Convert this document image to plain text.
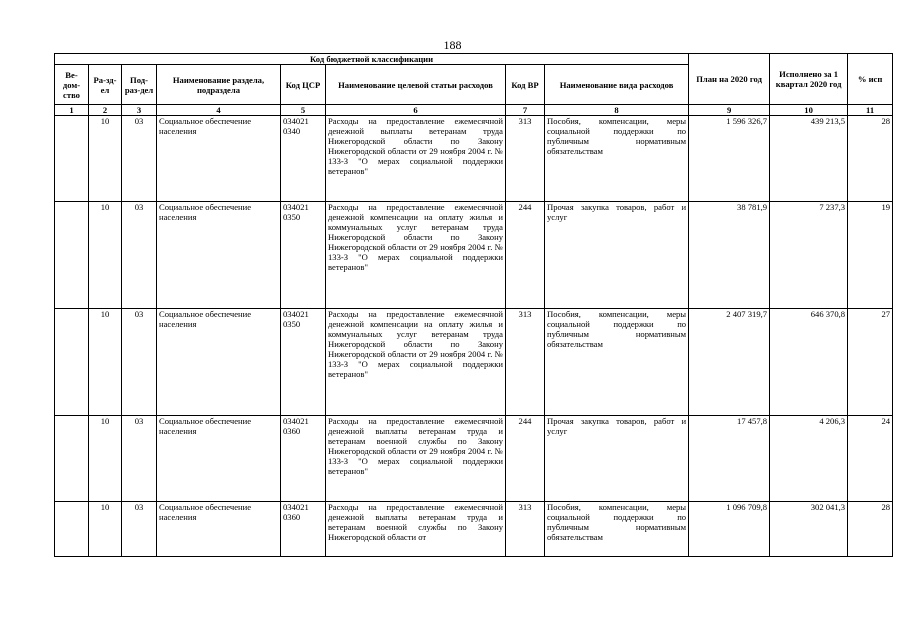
188
Код бюджетной классификации								План на 2020 год	Исполнено за 1 квартал 2020 год	% исп
Ве-дом-ство	Ра-зд-ел	Под-раз-дел	Наименование раздела, подраздела	Код ЦСР	Наименование целевой статьи расходов	Код ВР	Наименование вида расходов			
1	2	3	4	5	6	7	8	9	10	11
	10	03	Социальное обеспечение населения	034021 0340	Расходы на предоставление ежемесячной денежной выплаты ветеранам труда Нижегородской области по Закону Нижегородской области от 29 ноября 2004 г. № 133-З "О мерах социальной поддержки ветеранов"	313	Пособия, компенсации, меры социальной поддержки по публичным нормативным обязательствам	1 596 326,7	439 213,5	28
	10	03	Социальное обеспечение населения	034021 0350	Расходы на предоставление ежемесячной денежной компенсации на оплату жилья и коммунальных услуг ветеранам труда Нижегородской области по Закону Нижегородской области от 29 ноября 2004 г. № 133-З "О мерах социальной поддержки ветеранов"	244	Прочая закупка товаров, работ и услуг	38 781,9	7 237,3	19
	10	03	Социальное обеспечение населения	034021 0350	Расходы на предоставление ежемесячной денежной компенсации на оплату жилья и коммунальных услуг ветеранам труда Нижегородской области по Закону Нижегородской области от 29 ноября 2004 г. № 133-З "О мерах социальной поддержки ветеранов"	313	Пособия, компенсации, меры социальной поддержки по публичным нормативным обязательствам	2 407 319,7	646 370,8	27
	10	03	Социальное обеспечение населения	034021 0360	Расходы на предоставление ежемесячной денежной выплаты ветеранам труда и ветеранам военной службы по Закону Нижегородской области от 29 ноября 2004 г. № 133-З "О мерах социальной поддержки ветеранов"	244	Прочая закупка товаров, работ и услуг	17 457,8	4 206,3	24
	10	03	Социальное обеспечение населения	034021 0360	Расходы на предоставление ежемесячной денежной выплаты ветеранам труда и ветеранам военной службы по Закону Нижегородской области от	313	Пособия, компенсации, меры социальной поддержки по публичным нормативным обязательствам	1 096 709,8	302 041,3	28
